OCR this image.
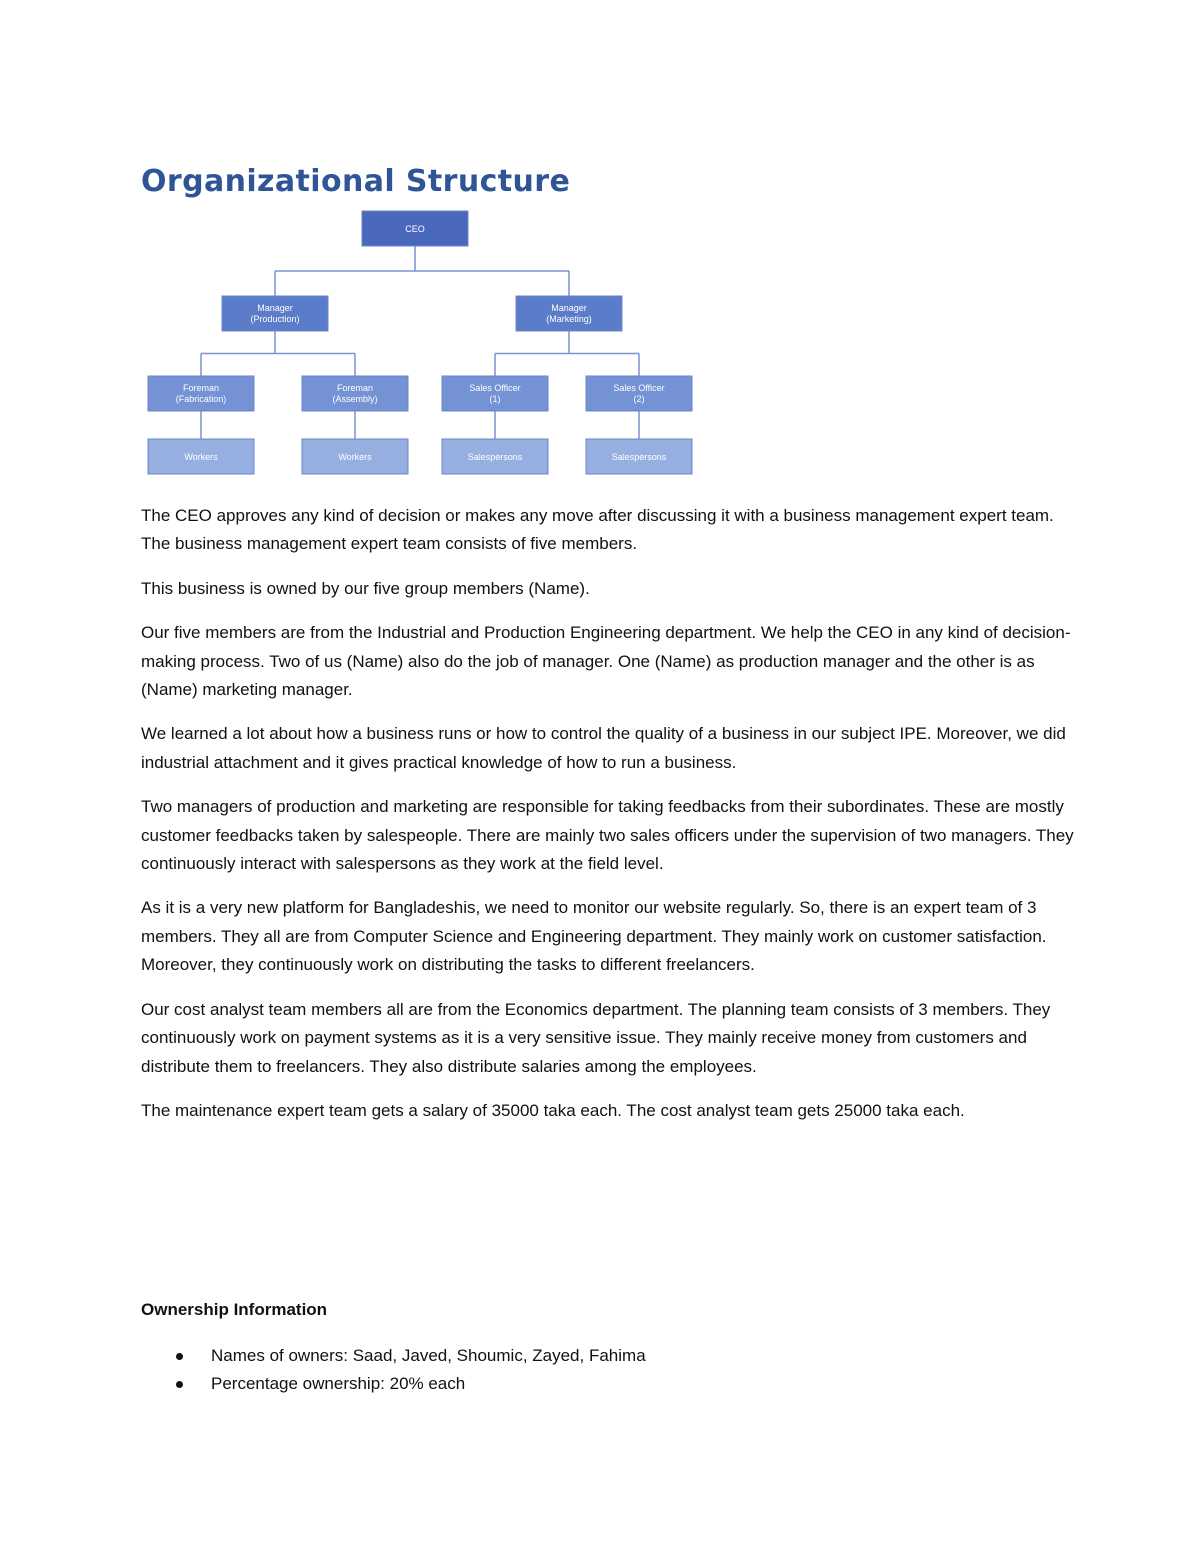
Organizational Structure
CEO
Manager
(Production)
Manager
(Marketing)
Foreman
(Fabrication)
Foreman
(Assembly)
Sales Officer
(1)
Sales Officer
(2)
Workers	Workers	Salespersons	Salespersons

The CEO approves any kind of decision or makes any move after discussing it with a business management expert team. The business management expert team consists of five members.

This business is owned by our five group members (Name).

Our five members are from the Industrial and Production Engineering department. We help the CEO in any kind of decision-making process. Two of us (Name) also do the job of manager. One (Name) as production manager and the other is as (Name) marketing manager.

We learned a lot about how a business runs or how to control the quality of a business in our subject IPE. Moreover, we did industrial attachment and it gives practical knowledge of how to run a business.

Two managers of production and marketing are responsible for taking feedbacks from their subordinates. These are mostly customer feedbacks taken by salespeople. There are mainly two sales officers under the supervision of two managers. They continuously interact with salespersons as they work at the field level.

As it is a very new platform for Bangladeshis, we need to monitor our website regularly. So, there is an expert team of 3 members. They all are from Computer Science and Engineering department. They mainly work on customer satisfaction. Moreover, they continuously work on distributing the tasks to different freelancers.

Our cost analyst team members all are from the Economics department. The planning team consists of 3 members. They continuously work on payment systems as it is a very sensitive issue. They mainly receive money from customers and distribute them to freelancers. They also distribute salaries among the employees.

The maintenance expert team gets a salary of 35000 taka each. The cost analyst team gets 25000 taka each.

Ownership Information
Names of owners: Saad, Javed, Shoumic, Zayed, Fahima
Percentage ownership: 20% each
